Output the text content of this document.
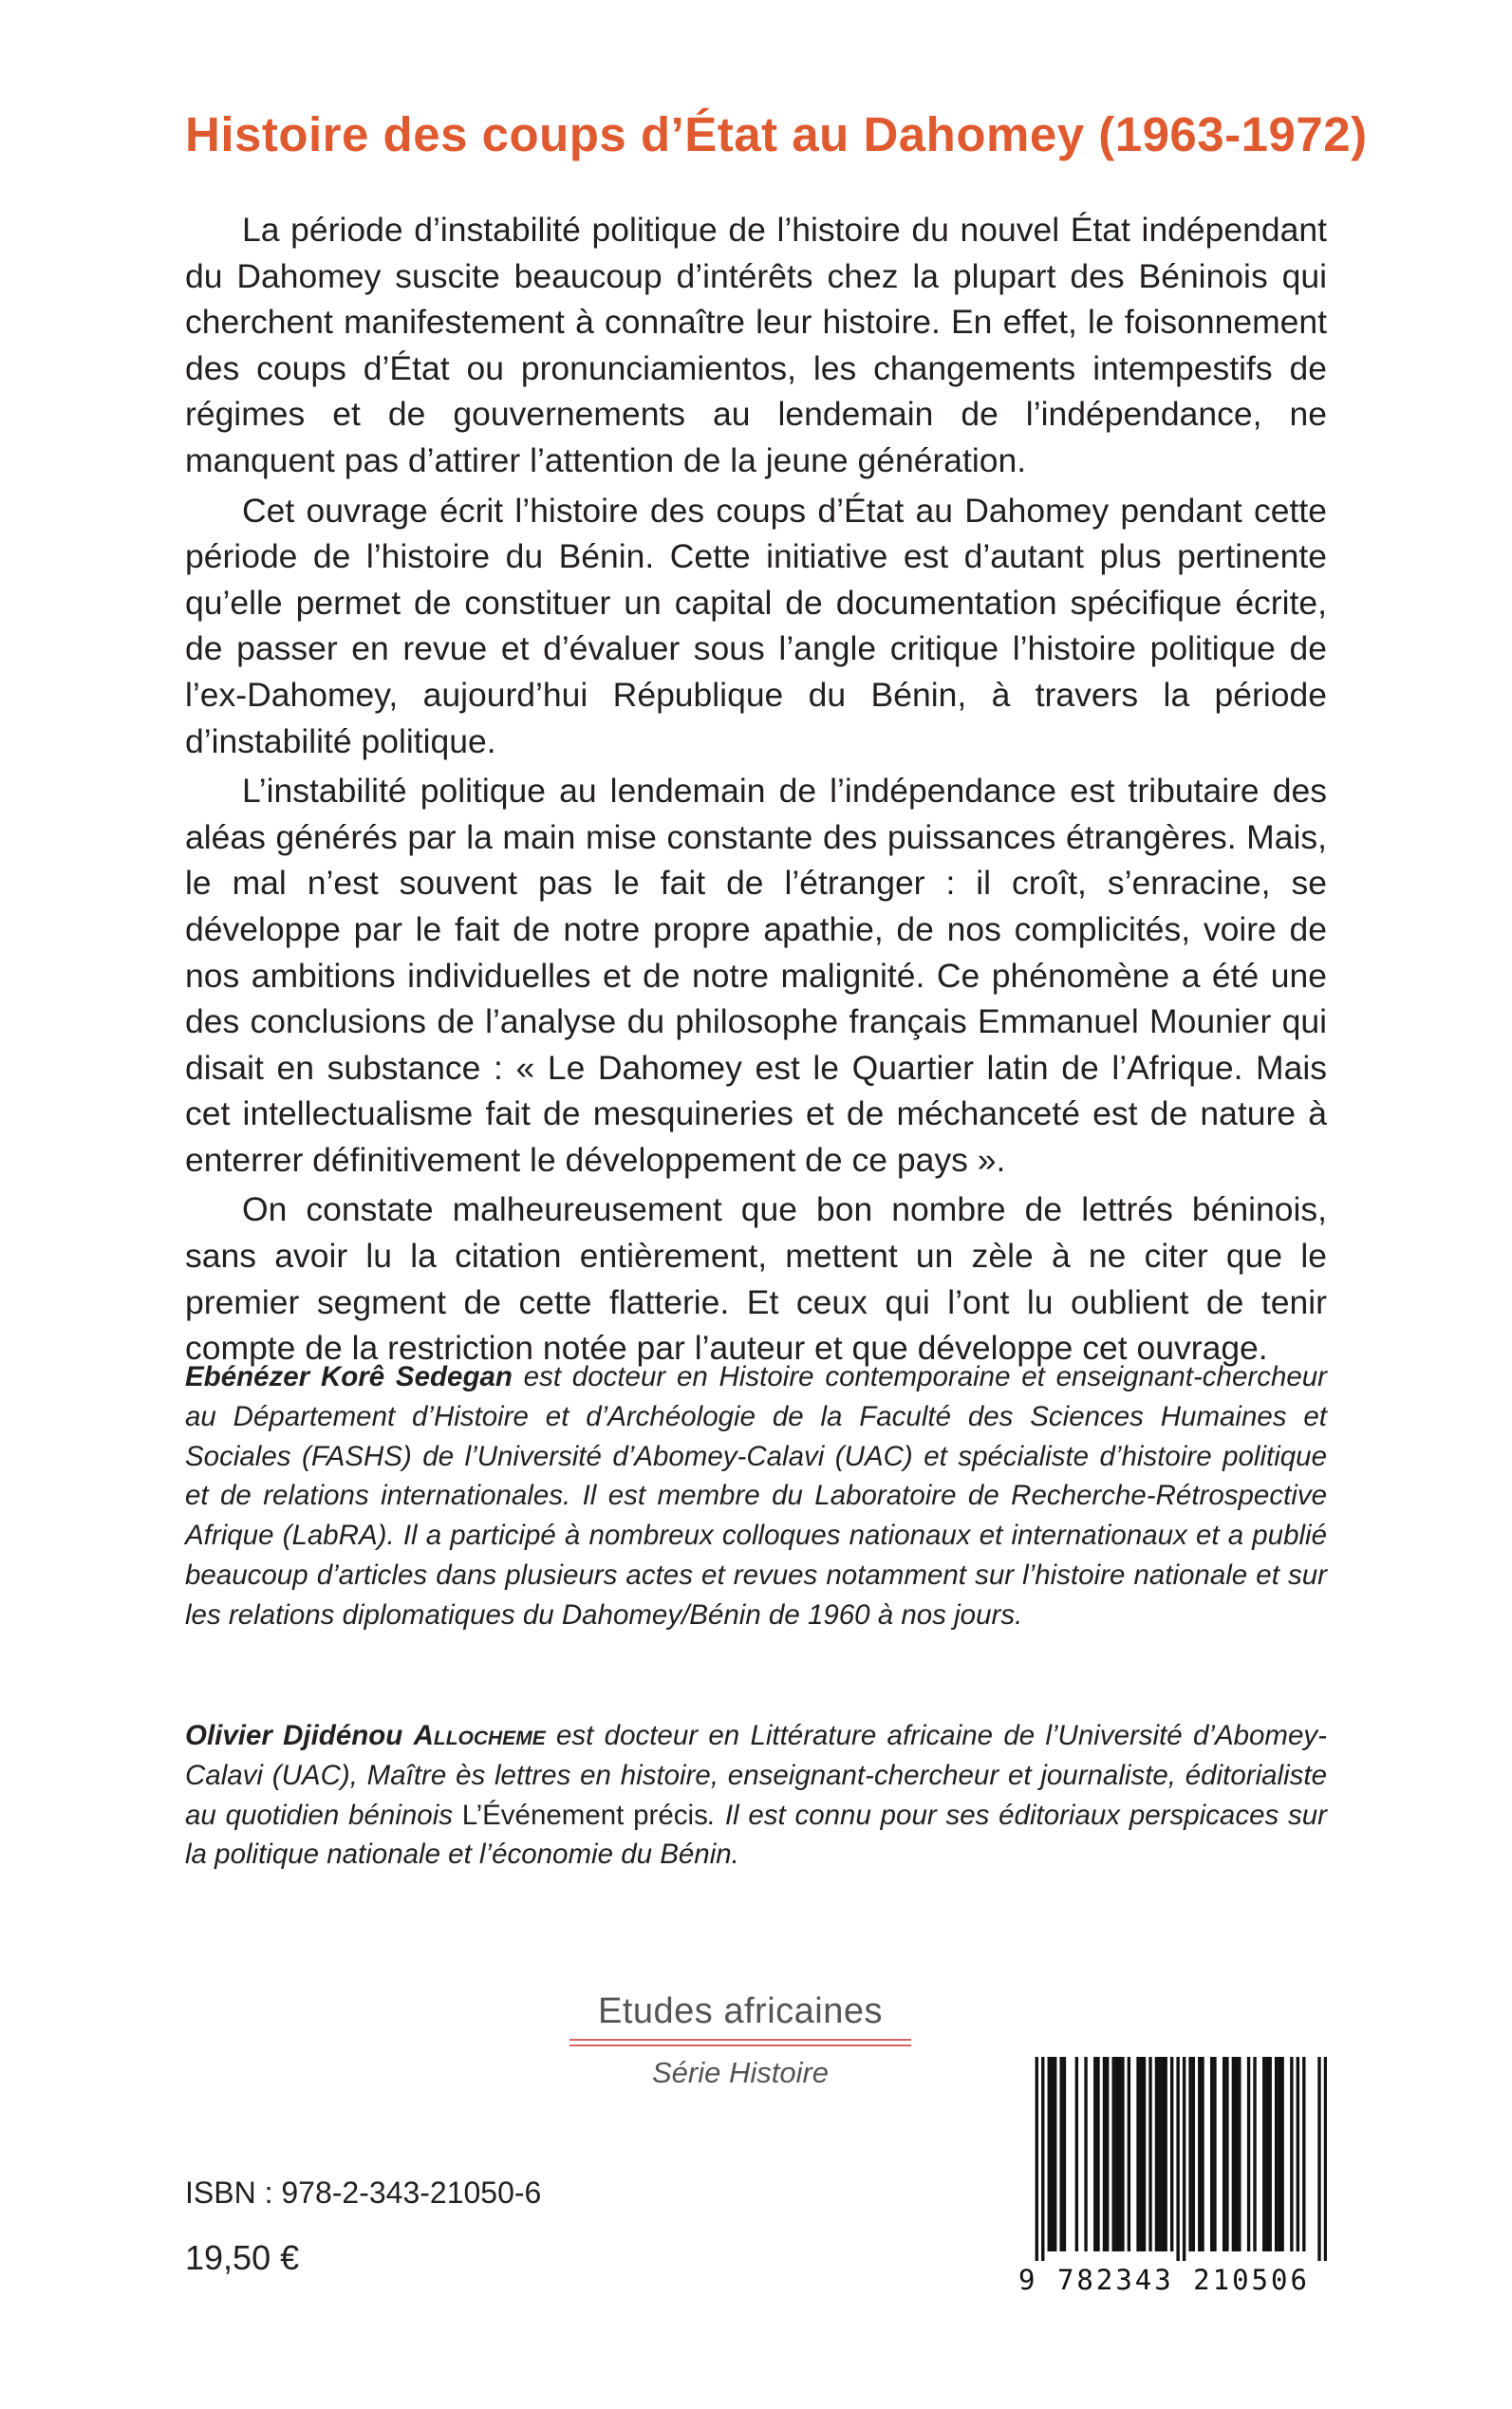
Histoire des coups d’État au Dahomey (1963-1972)

La période d’instabilité politique de l’histoire du nouvel État indépendant du Dahomey suscite beaucoup d’intérêts chez la plupart des Béninois qui cherchent manifestement à connaître leur histoire. En effet, le foisonnement des coups d’État ou pronunciamientos, les changements intempestifs de régimes et de gouvernements au lendemain de l’indépendance, ne manquent pas d’attirer l’attention de la jeune génération.

Cet ouvrage écrit l’histoire des coups d’État au Dahomey pendant cette période de l’histoire du Bénin. Cette initiative est d’autant plus pertinente qu’elle permet de constituer un capital de documentation spécifique écrite, de passer en revue et d’évaluer sous l’angle critique l’histoire politique de l’ex-Dahomey, aujourd’hui République du Bénin, à travers la période d’instabilité politique.

L’instabilité politique au lendemain de l’indépendance est tributaire des aléas générés par la main mise constante des puissances étrangères. Mais, le mal n’est souvent pas le fait de l’étranger : il croît, s’enracine, se développe par le fait de notre propre apathie, de nos complicités, voire de nos ambitions individuelles et de notre malignité. Ce phénomène a été une des conclusions de l’analyse du philosophe français Emmanuel Mounier qui disait en substance : « Le Dahomey est le Quartier latin de l’Afrique. Mais cet intellectualisme fait de mesquineries et de méchanceté est de nature à enterrer définitivement le développement de ce pays ».

On constate malheureusement que bon nombre de lettrés béninois, sans avoir lu la citation entièrement, mettent un zèle à ne citer que le premier segment de cette flatterie. Et ceux qui l’ont lu oublient de tenir compte de la restriction notée par l’auteur et que développe cet ouvrage.

Ebénézer Korê Sedegan est docteur en Histoire contemporaine et enseignant-chercheur au Département d’Histoire et d’Archéologie de la Faculté des Sciences Humaines et Sociales (FASHS) de l’Université d’Abomey-Calavi (UAC) et spécialiste d’histoire politique et de relations internationales. Il est membre du Laboratoire de Recherche-Rétrospective Afrique (LabRA). Il a participé à nombreux colloques nationaux et internationaux et a publié beaucoup d’articles dans plusieurs actes et revues notamment sur l’histoire nationale et sur les relations diplomatiques du Dahomey/Bénin de 1960 à nos jours.

Olivier Djidénou Allocheme est docteur en Littérature africaine de l’Université d’Abomey-Calavi (UAC), Maître ès lettres en histoire, enseignant-chercheur et journaliste, éditorialiste au quotidien béninois L’Événement précis. Il est connu pour ses éditoriaux perspicaces sur la politique nationale et l’économie du Bénin.

Etudes africaines
Série Histoire
ISBN : 978-2-343-21050-6
19,50 €
9 782343 210506
